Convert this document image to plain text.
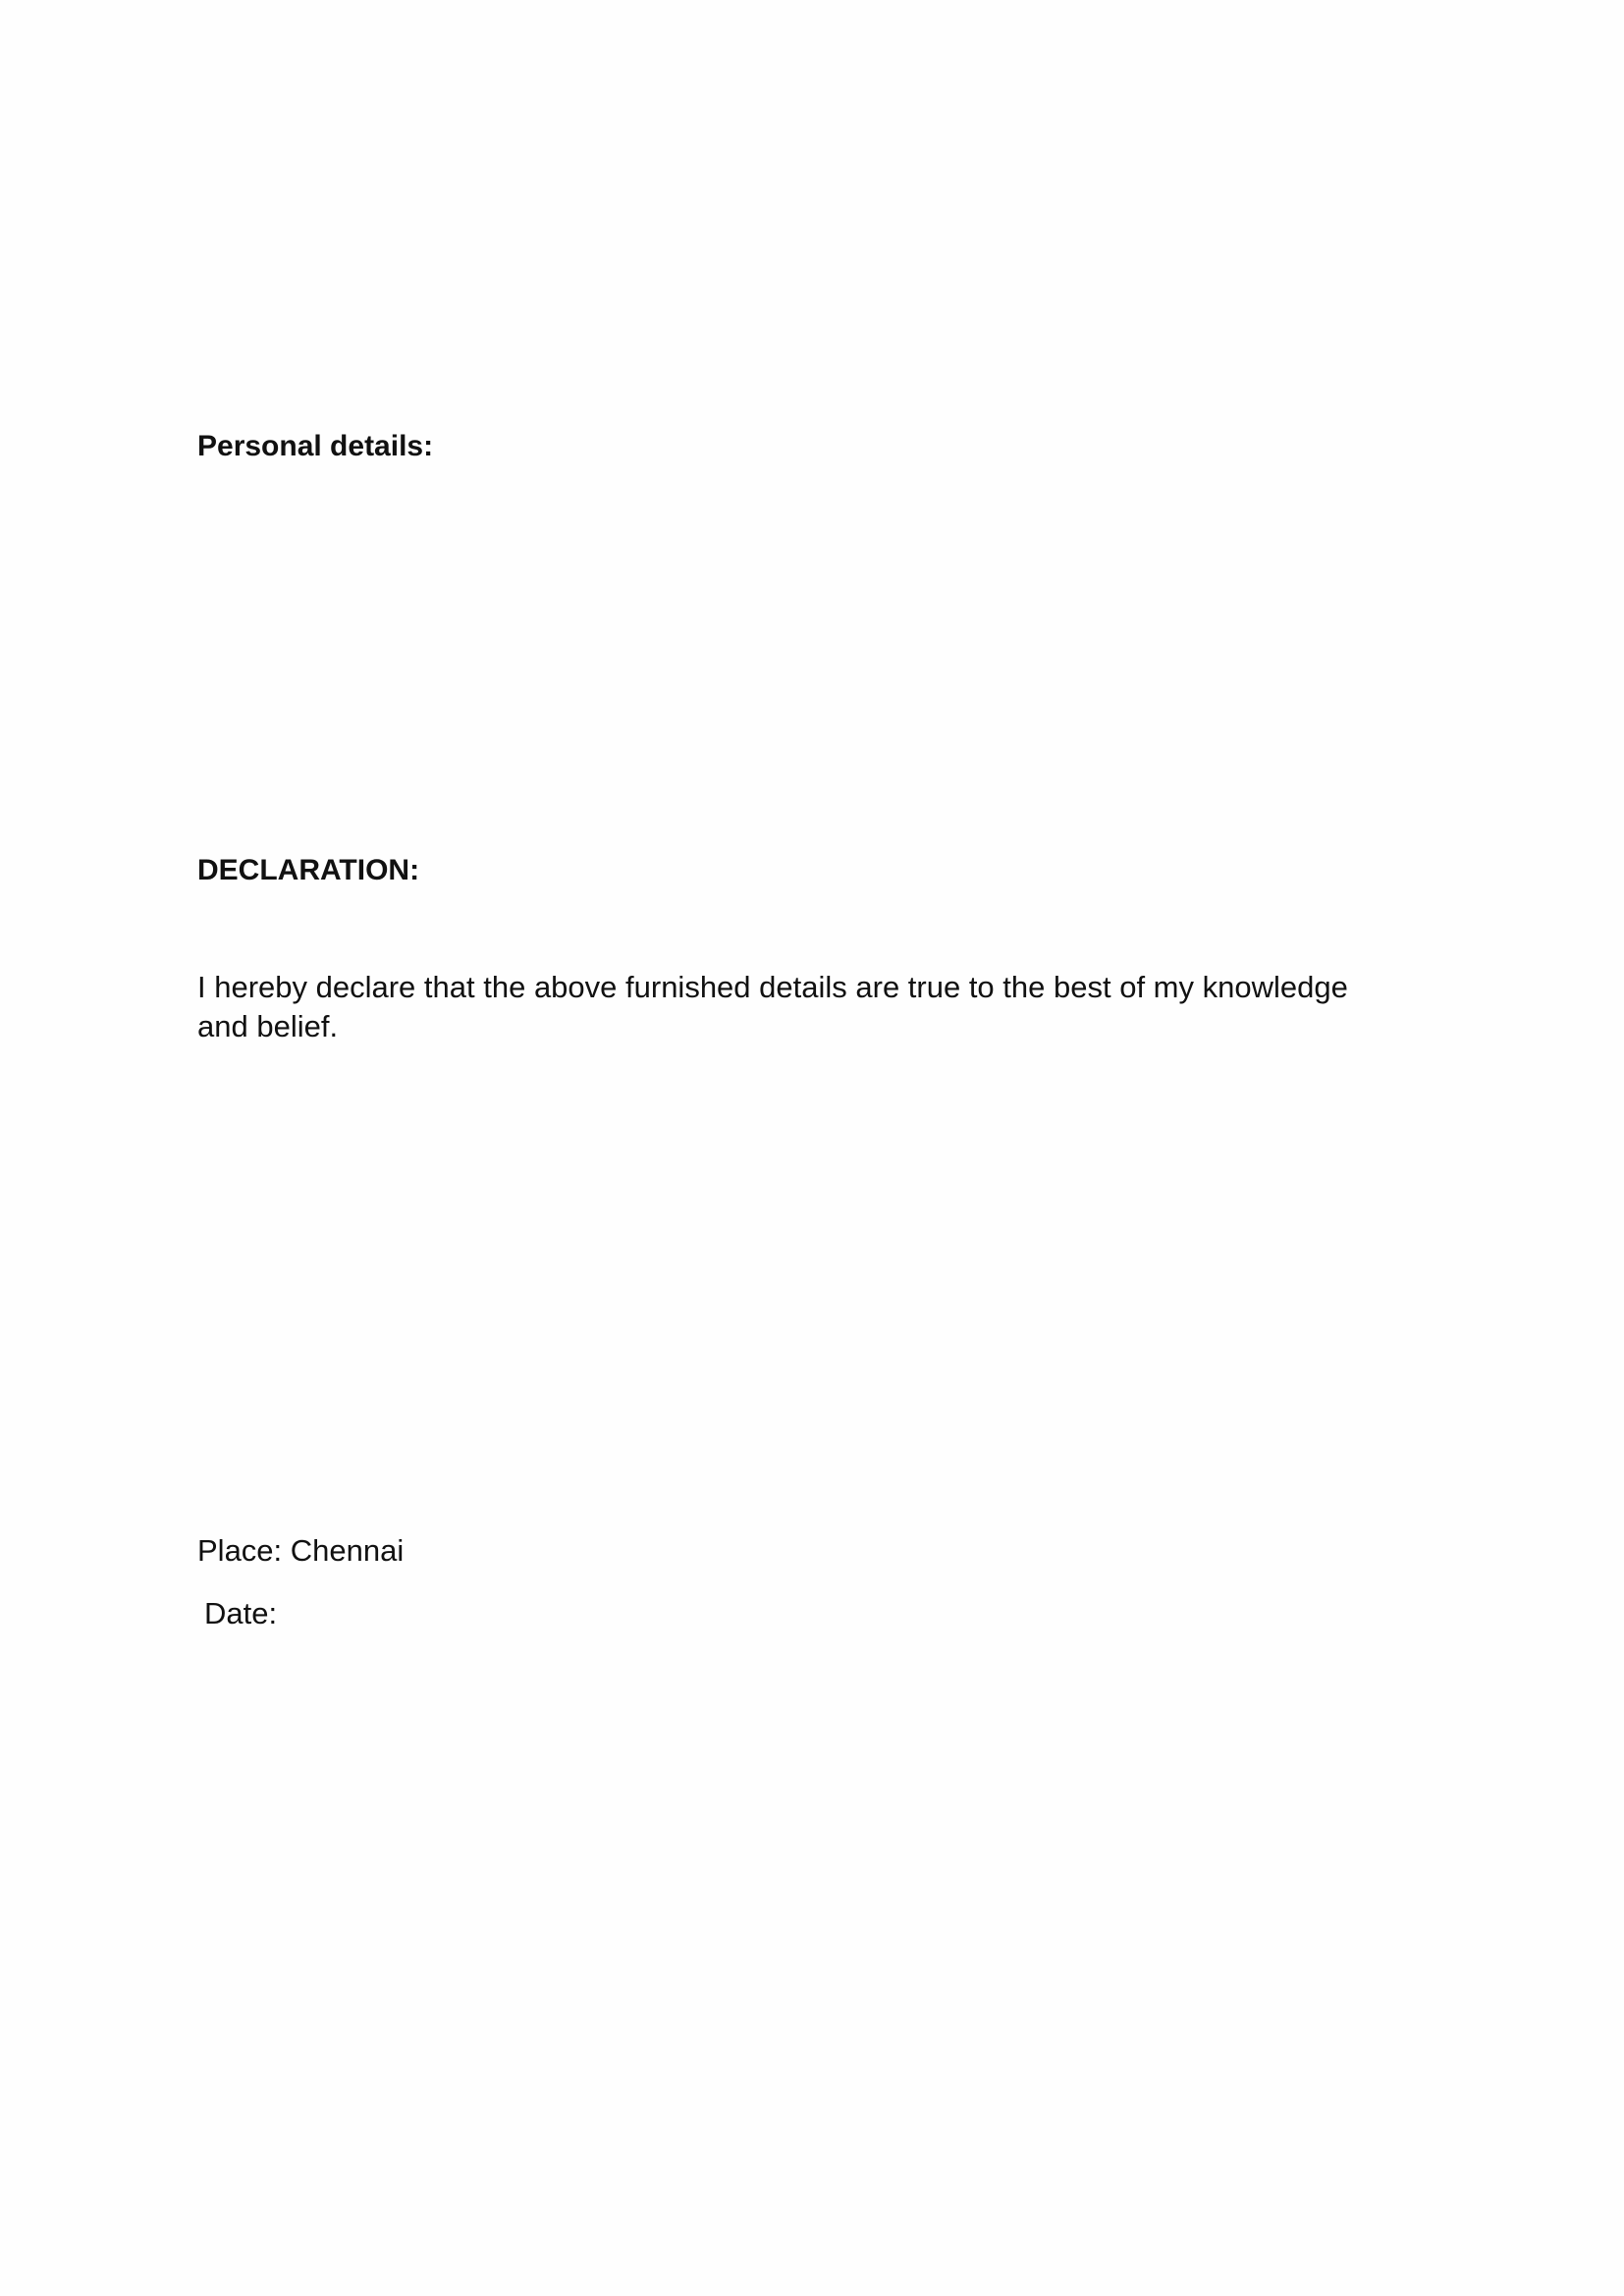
Personal details:
DECLARATION:

I hereby declare that the above furnished details are true to the best of my knowledge and belief.

Place: Chennai

Date:
